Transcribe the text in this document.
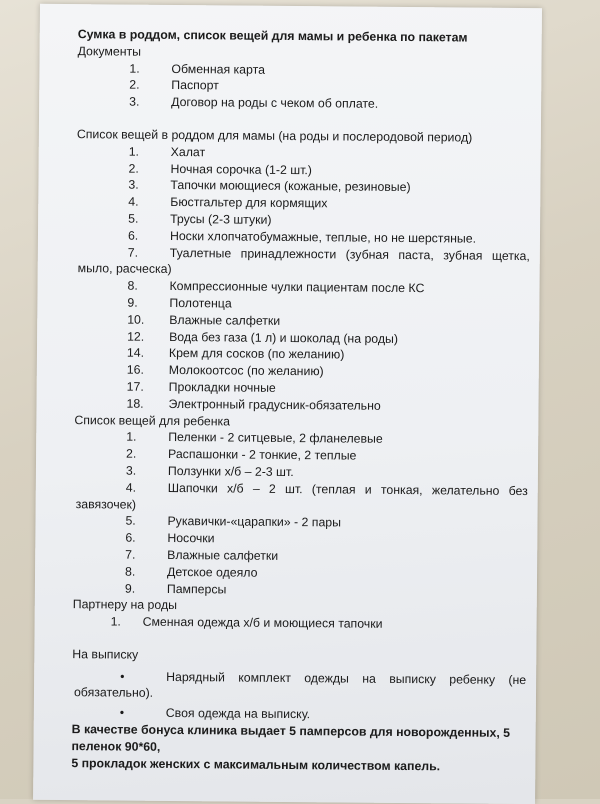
Сумка в роддом, список вещей для мамы и ребенка по пакетам
Документы
1.	Обменная карта
2.	Паспорт
3.	Договор на роды с чеком об оплате.
Список вещей в роддом для мамы (на роды и послеродовой период)
1.	Халат
2.	Ночная сорочка (1-2 шт.)
3.	Тапочки моющиеся (кожаные, резиновые)
4.	Бюстгальтер для кормящих
5.	Трусы (2-3 штуки)
6.	Носки хлопчатобумажные, теплые, но не шерстяные.
7.	Туалетные принадлежности (зубная паста, зубная щетка,
мыло, расческа)
8.	Компрессионные чулки пациентам после КС
9.	Полотенца
10.	Влажные салфетки
12.	Вода без газа (1 л) и шоколад (на роды)
14.	Крем для сосков (по желанию)
16.	Молокоотсос (по желанию)
17.	Прокладки ночные
18.	Электронный градусник-обязательно
Список вещей для ребенка
1.	Пеленки - 2 ситцевые, 2 фланелевые
2.	Распашонки - 2 тонкие, 2 теплые
3.	Ползунки х/б – 2-3 шт.
4.	Шапочки х/б – 2 шт. (теплая и тонкая, желательно без
завязочек)
5.	Рукавички-«царапки» - 2 пары
6.	Носочки
7.	Влажные салфетки
8.	Детское одеяло
9.	Памперсы
Партнеру на роды
1.	Сменная одежда х/б и моющиеся тапочки
На выписку
•	Нарядный комплект одежды на выписку ребенку (не
обязательно).
•	Своя одежда на выписку.
В качестве бонуса клиника выдает 5 памперсов для новорожденных, 5
пеленок 90*60,
5 прокладок женских с максимальным количеством капель.
